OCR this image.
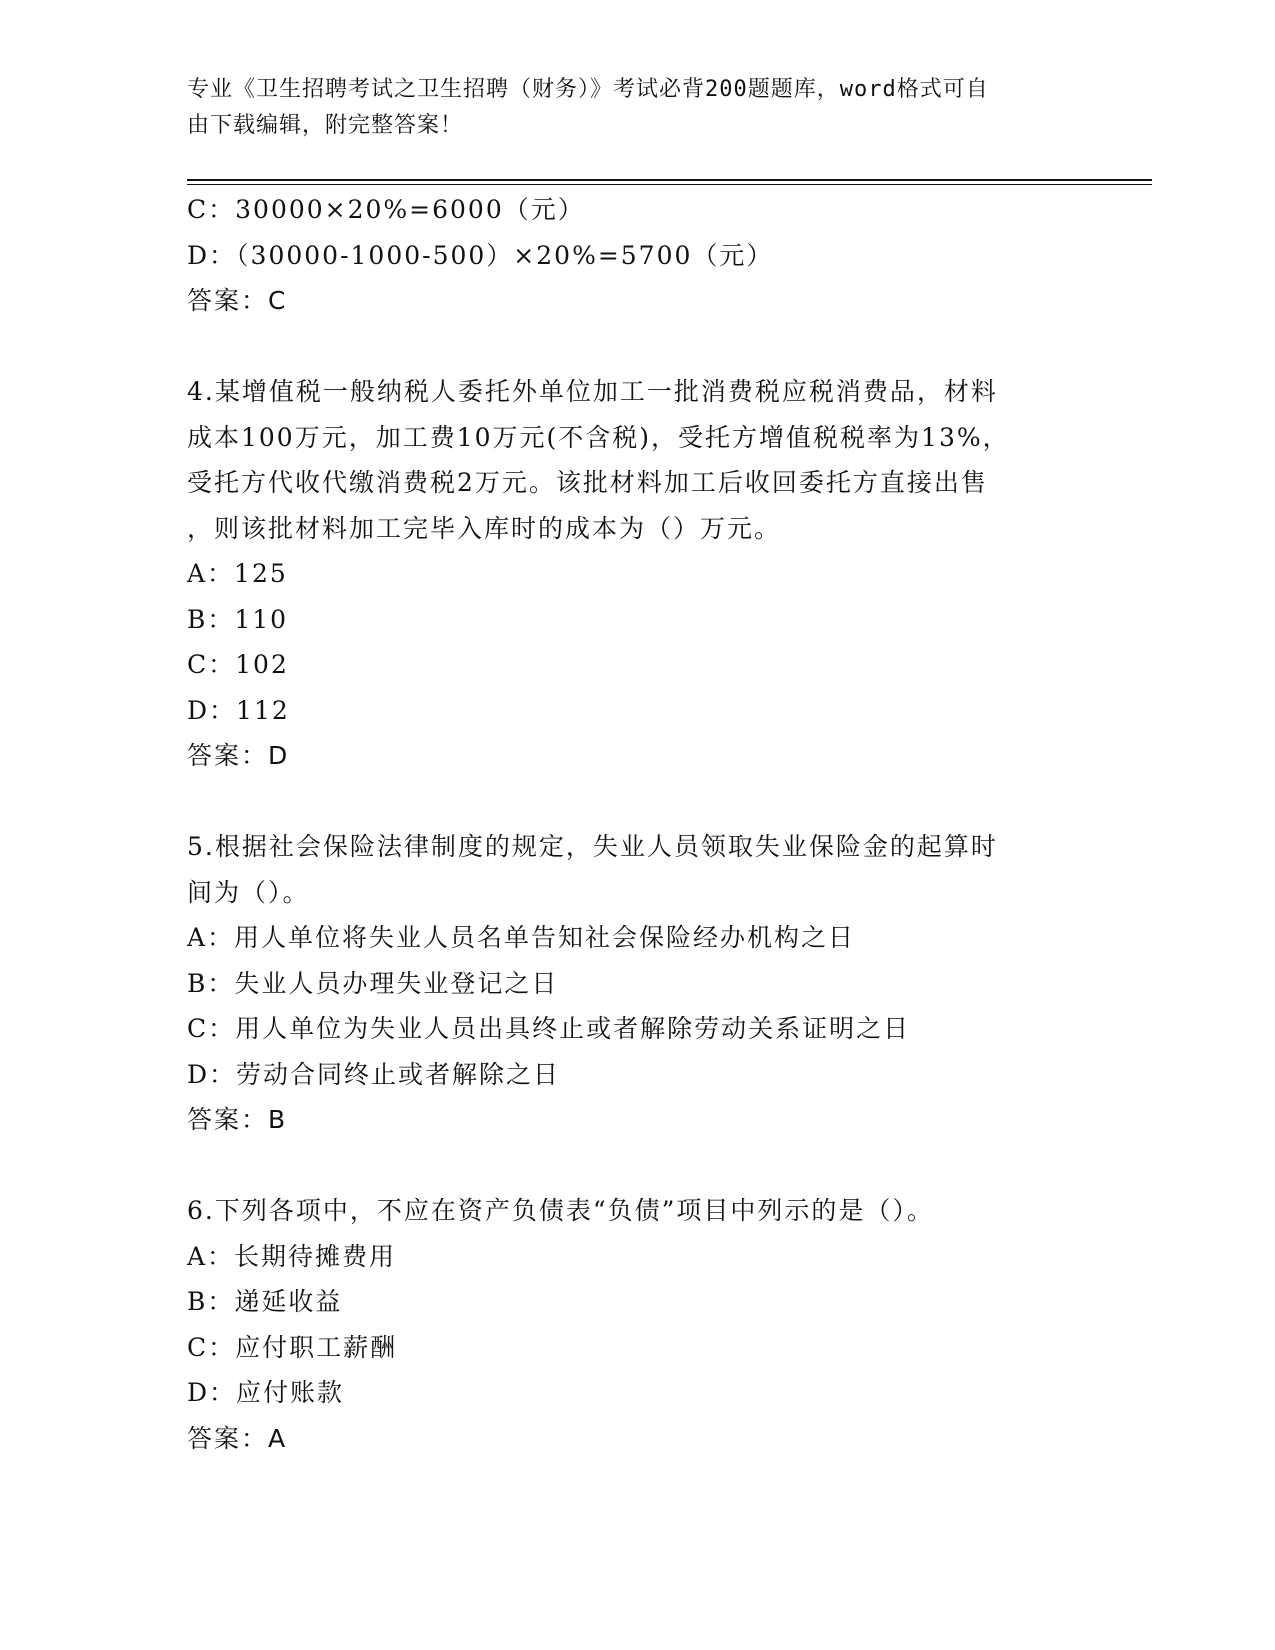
专业《卫生招聘考试之卫生招聘（财务）》考试必背200题题库，word格式可自
由下载编辑，附完整答案！
C：30000×20%=6000（元）
D：（30000-1000-500）×20%=5700（元）
答案：C
4.某增值税一般纳税人委托外单位加工一批消费税应税消费品，材料
成本100万元，加工费10万元(不含税)，受托方增值税税率为13%，
受托方代收代缴消费税2万元。该批材料加工后收回委托方直接出售
，则该批材料加工完毕入库时的成本为（）万元。
A：125
B：110
C：102
D：112
答案：D
5.根据社会保险法律制度的规定，失业人员领取失业保险金的起算时
间为（）。
A：用人单位将失业人员名单告知社会保险经办机构之日
B：失业人员办理失业登记之日
C：用人单位为失业人员出具终止或者解除劳动关系证明之日
D：劳动合同终止或者解除之日
答案：B
6.下列各项中，不应在资产负债表“负债”项目中列示的是（）。
A：长期待摊费用
B：递延收益
C：应付职工薪酬
D：应付账款
答案：A
